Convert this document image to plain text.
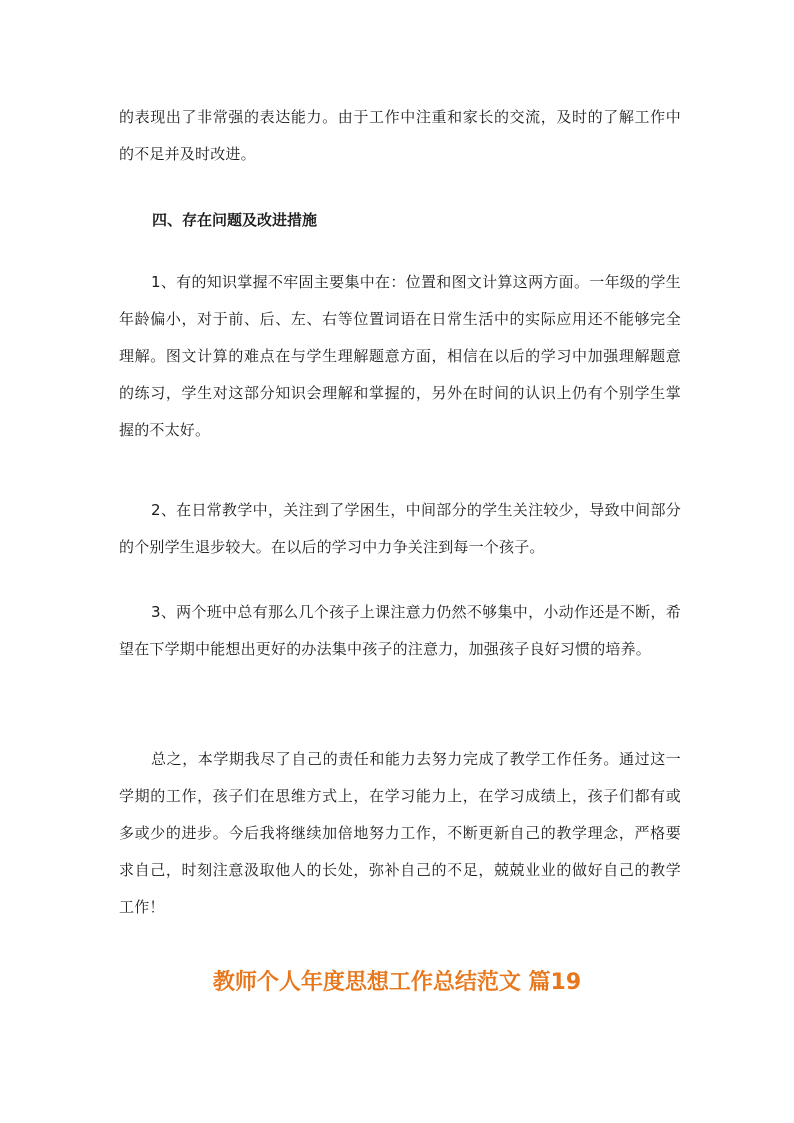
的表现出了非常强的表达能力。由于工作中注重和家长的交流，及时的了解工作中的不足并及时改进。

四、存在问题及改进措施

1、有的知识掌握不牢固主要集中在：位置和图文计算这两方面。一年级的学生年龄偏小，对于前、后、左、右等位置词语在日常生活中的实际应用还不能够完全理解。图文计算的难点在与学生理解题意方面，相信在以后的学习中加强理解题意的练习，学生对这部分知识会理解和掌握的，另外在时间的认识上仍有个别学生掌握的不太好。

2、在日常教学中，关注到了学困生，中间部分的学生关注较少，导致中间部分的个别学生退步较大。在以后的学习中力争关注到每一个孩子。

3、两个班中总有那么几个孩子上课注意力仍然不够集中，小动作还是不断，希望在下学期中能想出更好的办法集中孩子的注意力，加强孩子良好习惯的培养。

总之，本学期我尽了自己的责任和能力去努力完成了教学工作任务。通过这一学期的工作，孩子们在思维方式上，在学习能力上，在学习成绩上，孩子们都有或多或少的进步。今后我将继续加倍地努力工作，不断更新自己的教学理念，严格要求自己，时刻注意汲取他人的长处，弥补自己的不足，兢兢业业的做好自己的教学工作！

教师个人年度思想工作总结范文 篇19
